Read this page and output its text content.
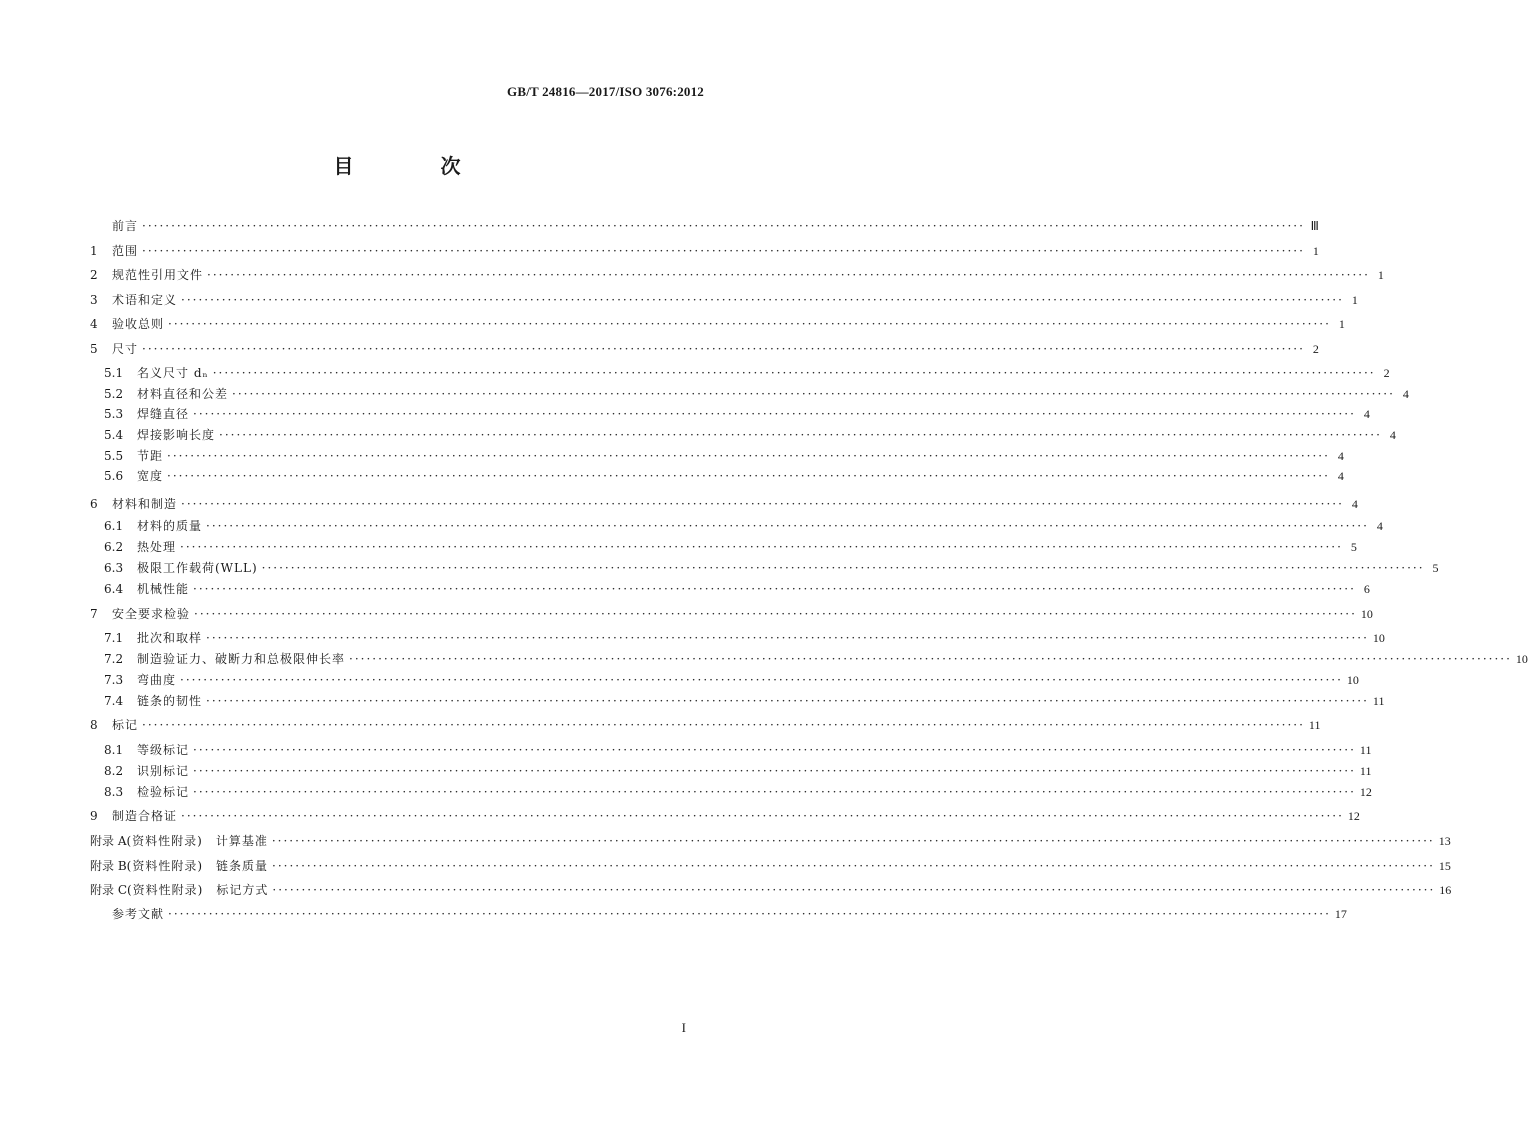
GB/T 24816—2017/ISO 3076:2012
目 次
前言 ········································································································································································································ Ⅲ
1	范围 ········································································································································································································ 1
2	规范性引用文件 ········································································································································································································ 1
3	术语和定义 ········································································································································································································ 1
4	验收总则 ········································································································································································································ 1
5	尺寸 ········································································································································································································ 2
5.1	名义尺寸 dₙ ········································································································································································································ 2
5.2	材料直径和公差 ········································································································································································································ 4
5.3	焊缝直径 ········································································································································································································ 4
5.4	焊接影响长度 ········································································································································································································ 4
5.5	节距 ········································································································································································································ 4
5.6	宽度 ········································································································································································································ 4
6	材料和制造 ········································································································································································································ 4
6.1	材料的质量 ········································································································································································································ 4
6.2	热处理 ········································································································································································································ 5
6.3	极限工作载荷(WLL) ········································································································································································································ 5
6.4	机械性能 ········································································································································································································ 6
7	安全要求检验 ········································································································································································································ 10
7.1	批次和取样 ········································································································································································································ 10
7.2	制造验证力、破断力和总极限伸长率 ········································································································································································································ 10
7.3	弯曲度 ········································································································································································································ 10
7.4	链条的韧性 ········································································································································································································ 11
8	标记 ········································································································································································································ 11
8.1	等级标记 ········································································································································································································ 11
8.2	识别标记 ········································································································································································································ 11
8.3	检验标记 ········································································································································································································ 12
9	制造合格证 ········································································································································································································ 12
附录 A (资料性附录)　计算基准 ········································································································································································································ 13
附录 B (资料性附录)　链条质量 ········································································································································································································ 15
附录 C (资料性附录)　标记方式 ········································································································································································································ 16
参考文献 ········································································································································································································ 17
I
